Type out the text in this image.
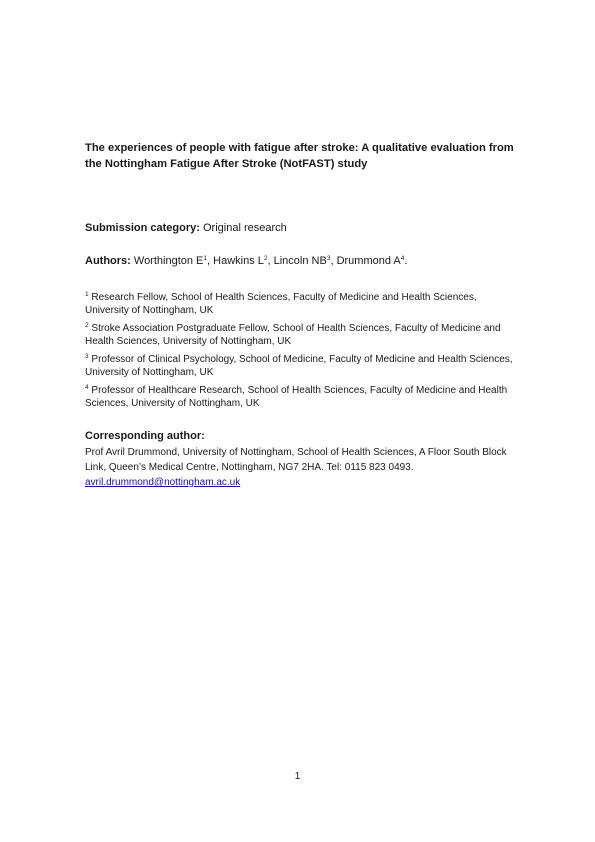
The experiences of people with fatigue after stroke: A qualitative evaluation from the Nottingham Fatigue After Stroke (NotFAST) study
Submission category: Original research
Authors: Worthington $E^1$, Hawkins $L^2$, Lincoln $NB^3$, Drummond $A^4$.

$^1$ Research Fellow, School of Health Sciences, Faculty of Medicine and Health Sciences, University of Nottingham, UK

$^2$ Stroke Association Postgraduate Fellow, School of Health Sciences, Faculty of Medicine and Health Sciences, University of Nottingham, UK

$^3$ Professor of Clinical Psychology, School of Medicine, Faculty of Medicine and Health Sciences, University of Nottingham, UK

$^4$ Professor of Healthcare Research, School of Health Sciences, Faculty of Medicine and Health Sciences, University of Nottingham, UK

Corresponding author:
Prof Avril Drummond, University of Nottingham, School of Health Sciences, A Floor South Block Link, Queen’s Medical Centre, Nottingham, NG7 2HA. Tel: 0115 823 0493. avril.drummond@nottingham.ac.uk
1
